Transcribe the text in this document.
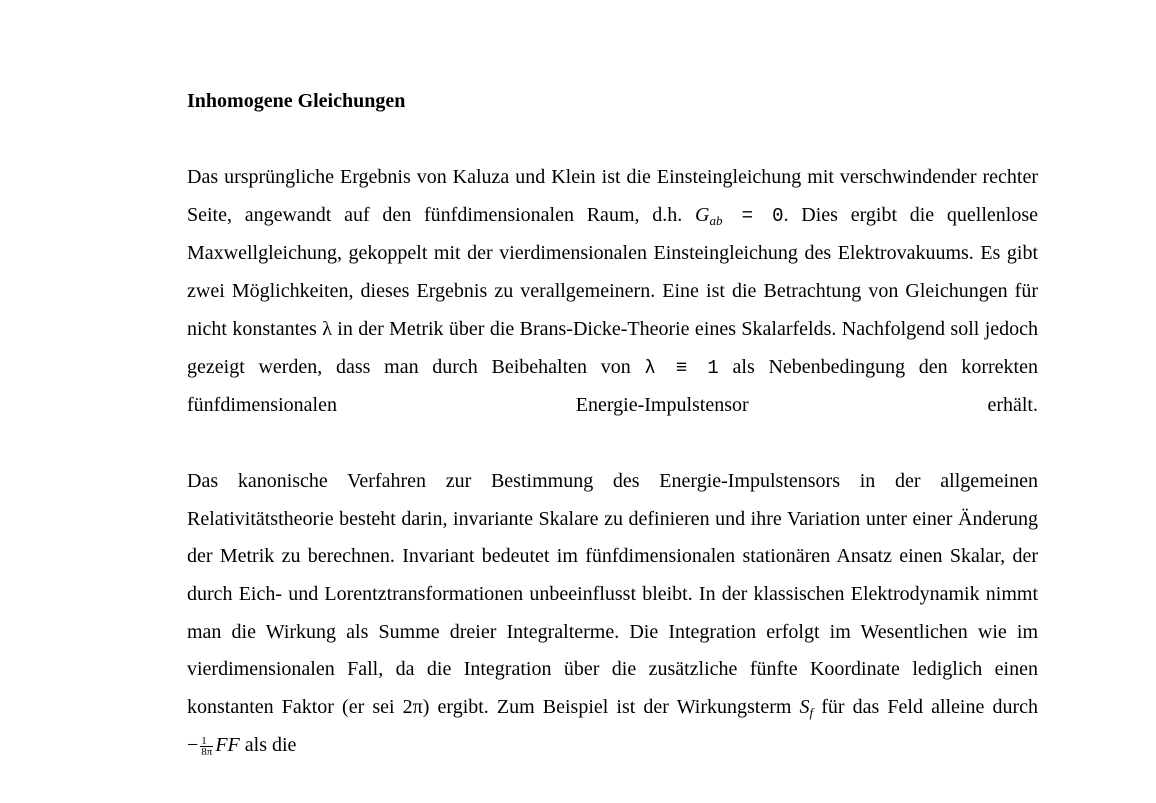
Inhomogene Gleichungen

Das ursprüngliche Ergebnis von Kaluza und Klein ist die Einsteingleichung mit verschwindender rechter Seite, angewandt auf den fünfdimensionalen Raum, d.h. $G_{ab} = 0$. Dies ergibt die quellenlose Maxwellgleichung, gekoppelt mit der vierdimensionalen Einsteingleichung des Elektrovakuums. Es gibt zwei Möglichkeiten, dieses Ergebnis zu verallgemeinern. Eine ist die Betrachtung von Gleichungen für nicht konstantes λ in der Metrik über die Brans-Dicke-Theorie eines Skalarfelds. Nachfolgend soll jedoch gezeigt werden, dass man durch Beibehalten von λ ≡ 1 als Nebenbedingung den korrekten fünfdimensionalen Energie-Impulstensor erhält.

Das kanonische Verfahren zur Bestimmung des Energie-Impulstensors in der allgemeinen Relativitätstheorie besteht darin, invariante Skalare zu definieren und ihre Variation unter einer Änderung der Metrik zu berechnen. Invariant bedeutet im fünfdimensionalen stationären Ansatz einen Skalar, der durch Eich- und Lorentztransformationen unbeeinflusst bleibt. In der klassischen Elektrodynamik nimmt man die Wirkung als Summe dreier Integralterme. Die Integration erfolgt im Wesentlichen wie im vierdimensionalen Fall, da die Integration über die zusätzliche fünfte Koordinate lediglich einen konstanten Faktor (er sei 2π) ergibt. Zum Beispiel ist der Wirkungsterm $S_f$ für das Feld alleine durch − $\frac{1}{8\pi}$ FF als die
